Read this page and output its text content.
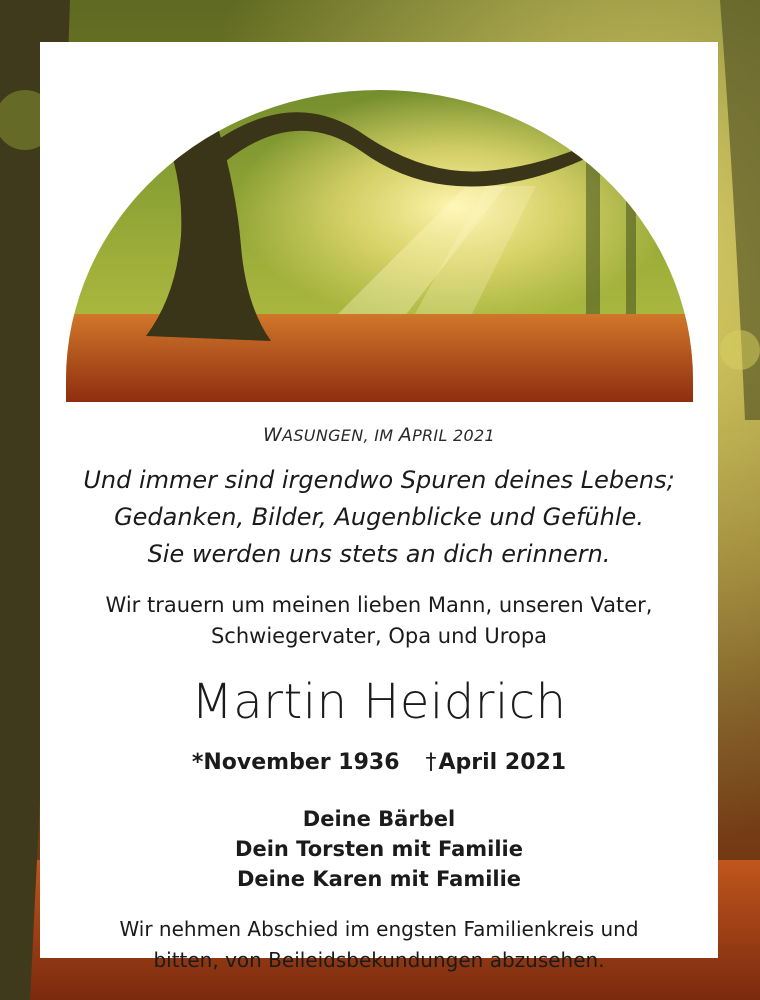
WASUNGEN, IM APRIL 2021
Und immer sind irgendwo Spuren deines Lebens;
Gedanken, Bilder, Augenblicke und Gefühle.
Sie werden uns stets an dich erinnern.
Wir trauern um meinen lieben Mann, unseren Vater,
Schwiegervater, Opa und Uropa
Martin Heidrich
*November 1936 †April 2021
Deine Bärbel
Dein Torsten mit Familie
Deine Karen mit Familie
Wir nehmen Abschied im engsten Familienkreis und
bitten, von Beileidsbekundungen abzusehen.
